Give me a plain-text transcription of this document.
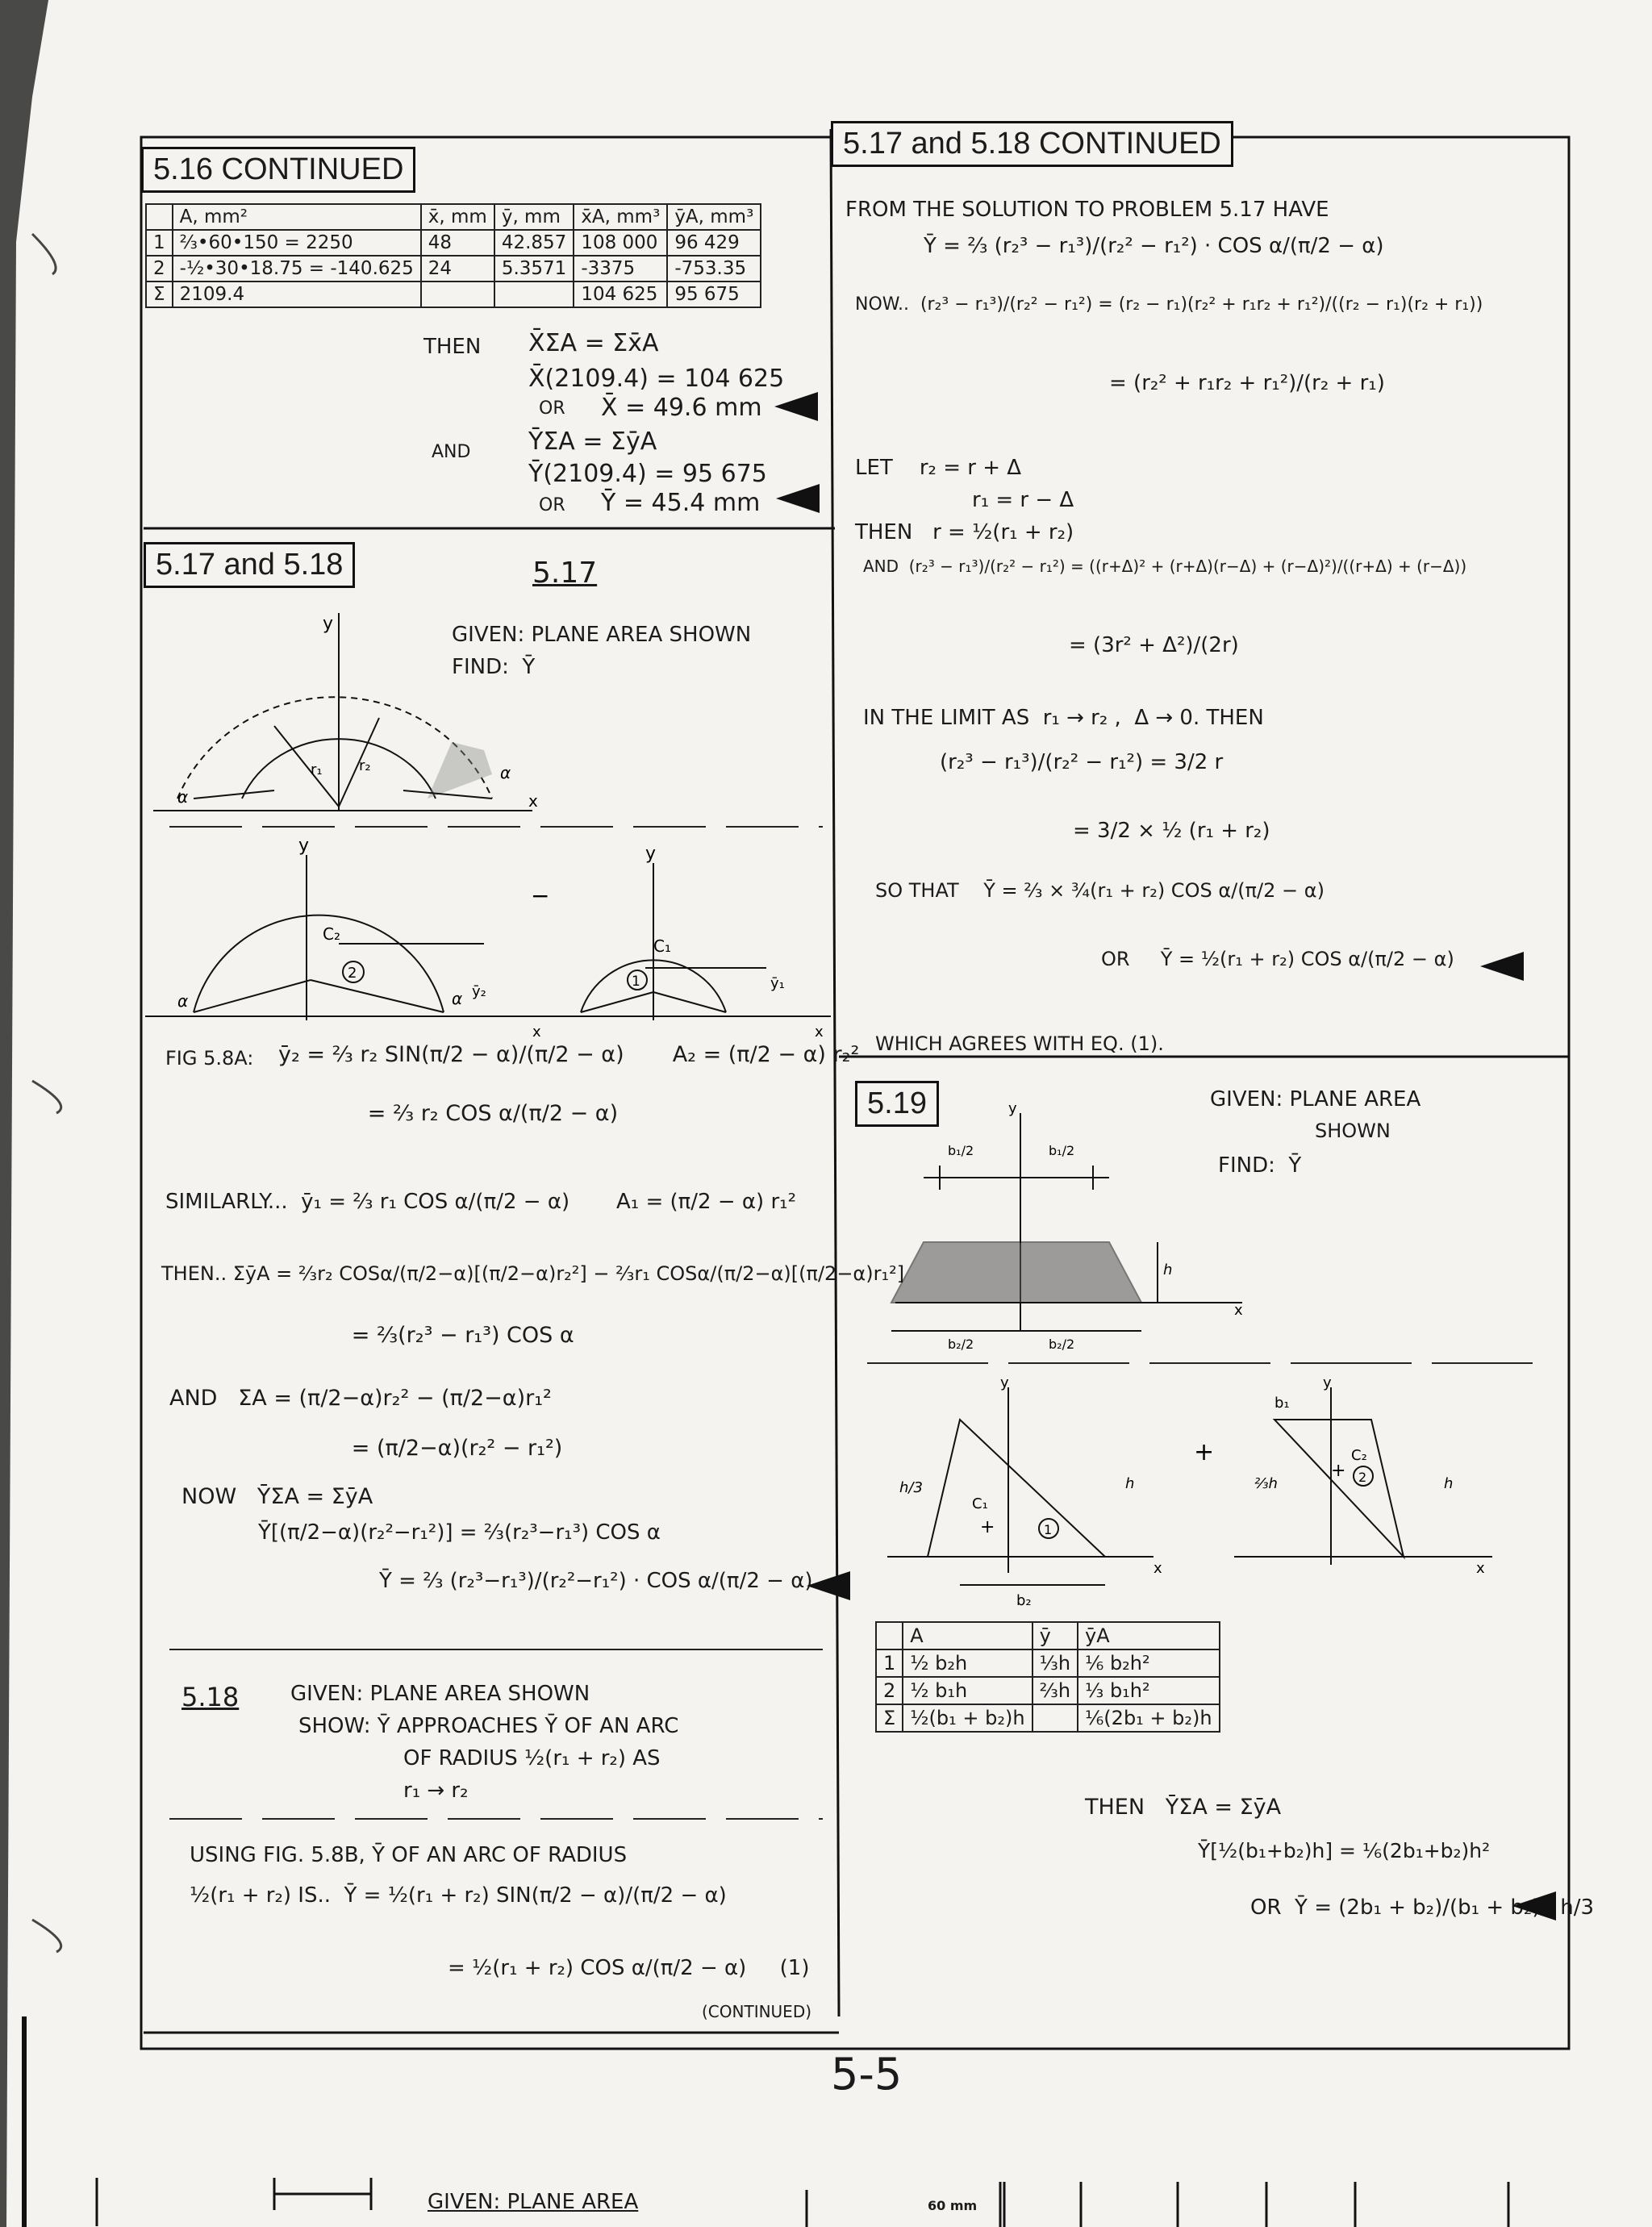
5.16 CONTINUED
	A, mm²	x̄, mm	ȳ, mm	x̄A, mm³	ȳA, mm³
1	⅔•60•150 = 2250	48	42.857	108 000	96 429
2	-½•30•18.75 = -140.625	24	5.3571	-3375	-753.35
Σ	2109.4			104 625	95 675
THEN X̄ΣA = Σx̄A
X̄(2109.4) = 104 625
OR X̄ = 49.6 mm
AND ȲΣA = ΣȳA
Ȳ(2109.4) = 95 675
OR Ȳ = 45.4 mm
5.17 and 5.18	5.17
GIVEN: PLANE AREA SHOWN
FIND:  Ȳ
y
x
r₁	r₂
α
α
y
2
C₂
α	α ȳ₂
−
y
1
C₁
ȳ₁
x	x
FIG 5.8A: ȳ₂ = ⅔ r₂ SIN(π/2 − α)/(π/2 − α)       A₂ = (π/2 − α) r₂²
= ⅔ r₂ COS α/(π/2 − α)
SIMILARLY...  ȳ₁ = ⅔ r₁ COS α/(π/2 − α)       A₁ = (π/2 − α) r₁²
THEN.. ΣȳA = ⅔r₂ COSα/(π/2−α)[(π/2−α)r₂²] − ⅔r₁ COSα/(π/2−α)[(π/2−α)r₁²]
= ⅔(r₂³ − r₁³) COS α
AND   ΣA = (π/2−α)r₂² − (π/2−α)r₁²
= (π/2−α)(r₂² − r₁²)
NOW   ȲΣA = ΣȳA
Ȳ[(π/2−α)(r₂²−r₁²)] = ⅔(r₂³−r₁³) COS α
Ȳ = ⅔ (r₂³−r₁³)/(r₂²−r₁²) · COS α/(π/2 − α)
5.18 GIVEN: PLANE AREA SHOWN
SHOW: Ȳ APPROACHES Ȳ OF AN ARC
OF RADIUS ½(r₁ + r₂) AS
r₁ → r₂
USING FIG. 5.8B, Ȳ OF AN ARC OF RADIUS
½(r₁ + r₂) IS..  Ȳ = ½(r₁ + r₂) SIN(π/2 − α)/(π/2 − α)
= ½(r₁ + r₂) COS α/(π/2 − α)     (1)
(CONTINUED)
5.17 and 5.18 CONTINUED
FROM THE SOLUTION TO PROBLEM 5.17 HAVE
Ȳ = ⅔ (r₂³ − r₁³)/(r₂² − r₁²) · COS α/(π/2 − α)
NOW..  (r₂³ − r₁³)/(r₂² − r₁²) = (r₂ − r₁)(r₂² + r₁r₂ + r₁²)/((r₂ − r₁)(r₂ + r₁))
= (r₂² + r₁r₂ + r₁²)/(r₂ + r₁)
LET    r₂ = r + Δ
r₁ = r − Δ
THEN   r = ½(r₁ + r₂)
AND  (r₂³ − r₁³)/(r₂² − r₁²) = ((r+Δ)² + (r+Δ)(r−Δ) + (r−Δ)²)/((r+Δ) + (r−Δ))
= (3r² + Δ²)/(2r)
IN THE LIMIT AS  r₁ → r₂ ,  Δ → 0. THEN
(r₂³ − r₁³)/(r₂² − r₁²) = 3/2 r
= 3/2 × ½ (r₁ + r₂)
SO THAT    Ȳ = ⅔ × ¾(r₁ + r₂) COS α/(π/2 − α)
OR     Ȳ = ½(r₁ + r₂) COS α/(π/2 − α)
WHICH AGREES WITH EQ. (1).
5.19	GIVEN: PLANE AREA
SHOWN
FIND:  Ȳ
y
x
b₁/2	b₁/2
h
b₂/2	b₂/2
y
x
h/3
C₁
+	1
h
b₂
+
y
x
b₁
C₂
+ 2
⅔h	h
	A	ȳ	ȳA
1	½ b₂h	⅓h	⅙ b₂h²
2	½ b₁h	⅔h	⅓ b₁h²
Σ	½(b₁ + b₂)h		⅙(2b₁ + b₂)h
THEN   ȲΣA = ΣȳA
Ȳ[½(b₁+b₂)h] = ⅙(2b₁+b₂)h²
OR  Ȳ = (2b₁ + b₂)/(b₁ + b₂) · h/3
5-5
GIVEN: PLANE AREA	60 mm
